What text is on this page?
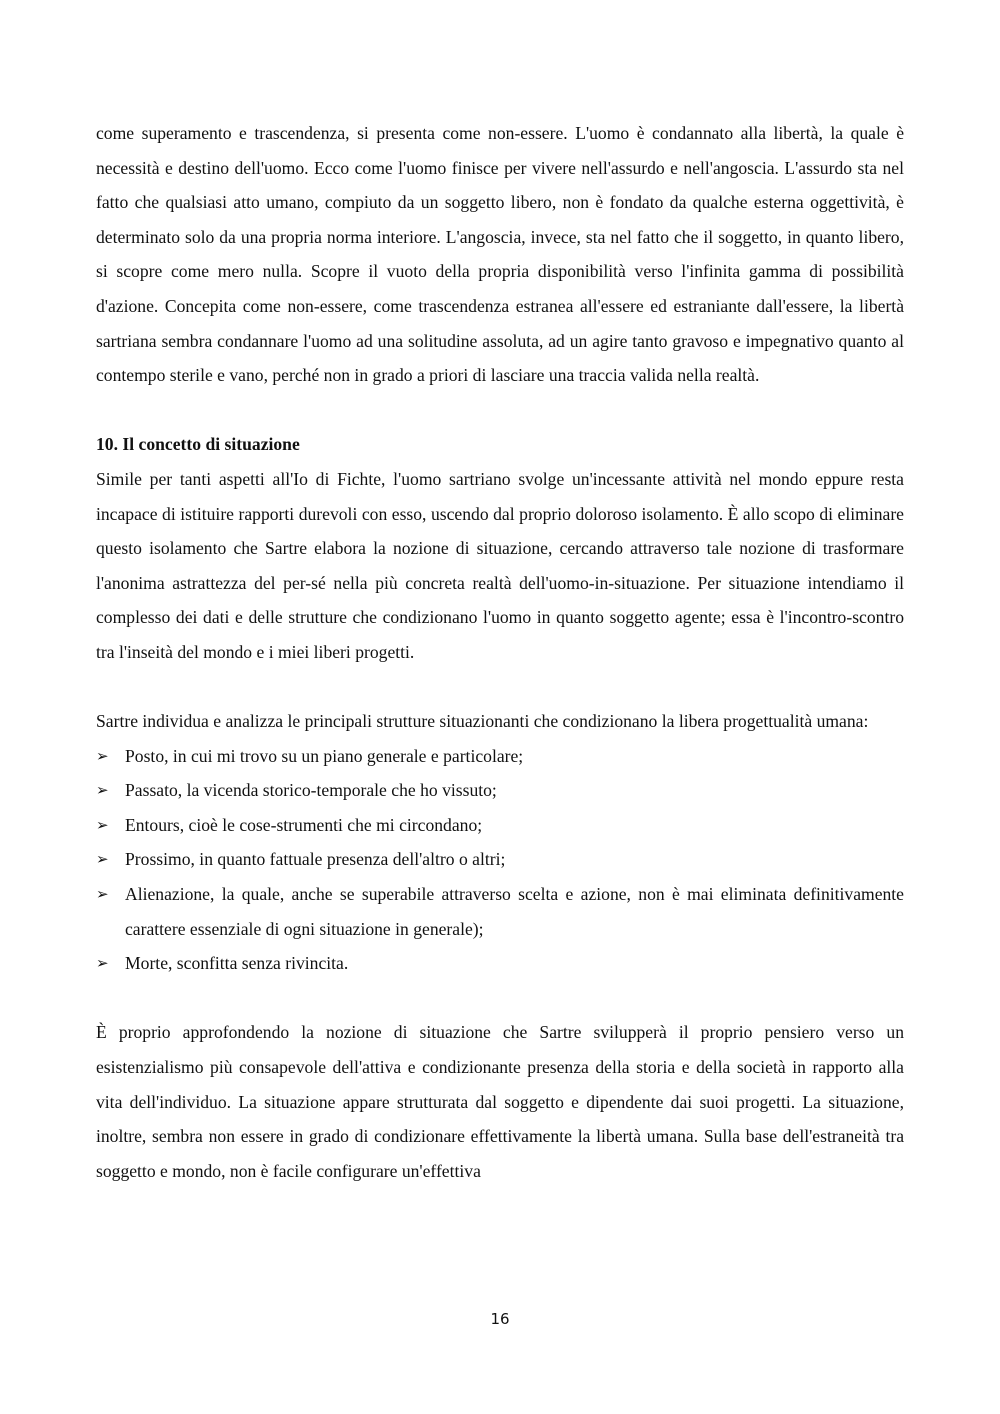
come superamento e trascendenza, si presenta come non-essere. L'uomo è condannato alla libertà, la quale è necessità e destino dell'uomo. Ecco come l'uomo finisce per vivere nell'assurdo e nell'angoscia. L'assurdo sta nel fatto che qualsiasi atto umano, compiuto da un soggetto libero, non è fondato da qualche esterna oggettività, è determinato solo da una propria norma interiore. L'angoscia, invece, sta nel fatto che il soggetto, in quanto libero, si scopre come mero nulla. Scopre il vuoto della propria disponibilità verso l'infinita gamma di possibilità d'azione. Concepita come non-essere, come trascendenza estranea all'essere ed estraniante dall'essere, la libertà sartriana sembra condannare l'uomo ad una solitudine assoluta, ad un agire tanto gravoso e impegnativo quanto al contempo sterile e vano, perché non in grado a priori di lasciare una traccia valida nella realtà.

10. Il concetto di situazione

Simile per tanti aspetti all'Io di Fichte, l'uomo sartriano svolge un'incessante attività nel mondo eppure resta incapace di istituire rapporti durevoli con esso, uscendo dal proprio doloroso isolamento. È allo scopo di eliminare questo isolamento che Sartre elabora la nozione di situazione, cercando attraverso tale nozione di trasformare l'anonima astrattezza del per-sé nella più concreta realtà dell'uomo-in-situazione. Per situazione intendiamo il complesso dei dati e delle strutture che condizionano l'uomo in quanto soggetto agente; essa è l'incontro-scontro tra l'inseità del mondo e i miei liberi progetti.

Sartre individua e analizza le principali strutture situazionanti che condizionano la libera progettualità umana:

➢ Posto, in cui mi trovo su un piano generale e particolare;
➢ Passato, la vicenda storico-temporale che ho vissuto;
➢ Entours, cioè le cose-strumenti che mi circondano;
➢ Prossimo, in quanto fattuale presenza dell'altro o altri;
➢ Alienazione, la quale, anche se superabile attraverso scelta e azione, non è mai eliminata definitivamente carattere essenziale di ogni situazione in generale);
➢ Morte, sconfitta senza rivincita.

È proprio approfondendo la nozione di situazione che Sartre svilupperà il proprio pensiero verso un esistenzialismo più consapevole dell'attiva e condizionante presenza della storia e della società in rapporto alla vita dell'individuo. La situazione appare strutturata dal soggetto e dipendente dai suoi progetti. La situazione, inoltre, sembra non essere in grado di condizionare effettivamente la libertà umana. Sulla base dell'estraneità tra soggetto e mondo, non è facile configurare un'effettiva

16
